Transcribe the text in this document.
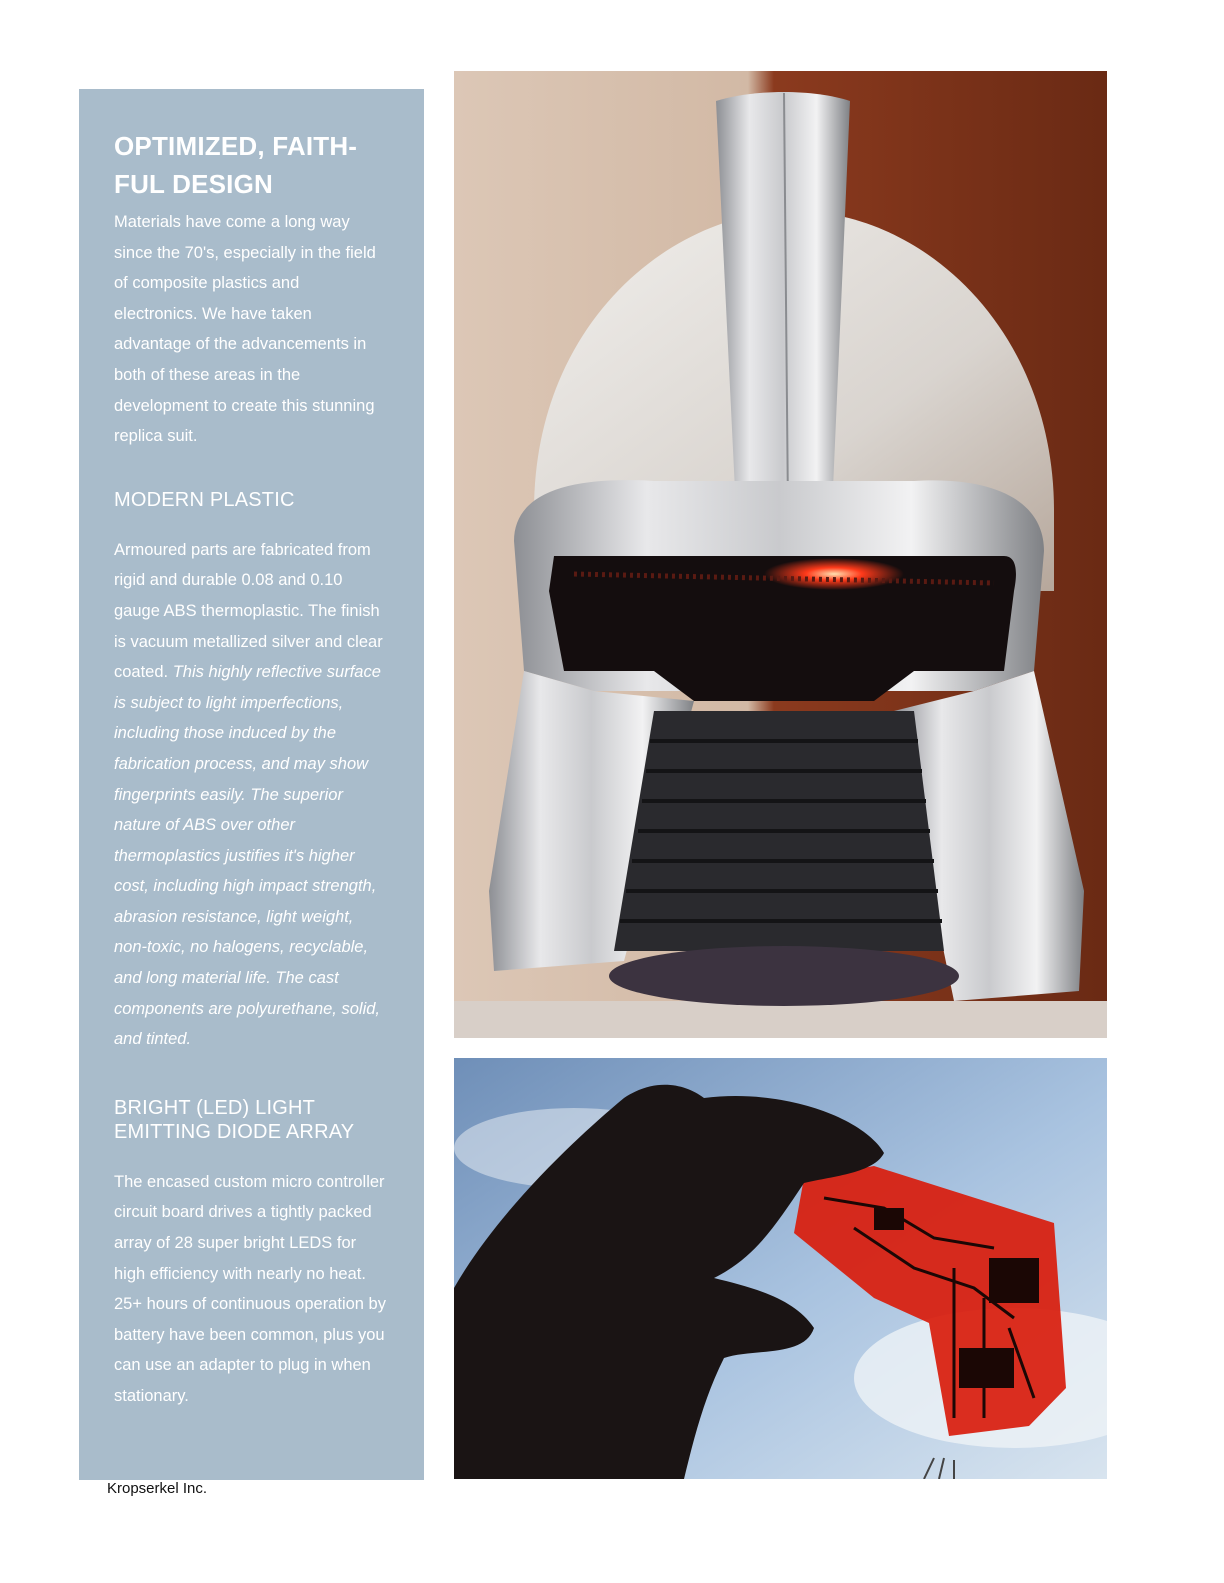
OPTIMIZED, FAITH-FUL DESIGN

Materials have come a long way since the 70's, especially in the field of composite plastics and electronics. We have taken advantage of the advancements in both of these areas in the development to create this stunning replica suit.

MODERN PLASTIC

Armoured parts are fabricated from rigid and durable 0.08 and 0.10 gauge ABS thermoplastic. The finish is vacuum metallized silver and clear coated. This highly reflective surface is subject to light imperfections, including those induced by the fabrication process, and may show fingerprints easily. The superior nature of ABS over other thermoplastics justifies it's higher cost, including high impact strength, abrasion resistance, light weight, non-toxic, no halogens, recyclable, and long material life. The cast components are polyurethane, solid, and tinted.

BRIGHT (LED) LIGHT EMITTING DIODE ARRAY

The encased custom micro controller circuit board drives a tightly packed array of 28 super bright LEDS for high efficiency with nearly no heat. 25+ hours of continuous operation by battery have been common, plus you can use an adapter to plug in when stationary.

Kropserkel Inc.
